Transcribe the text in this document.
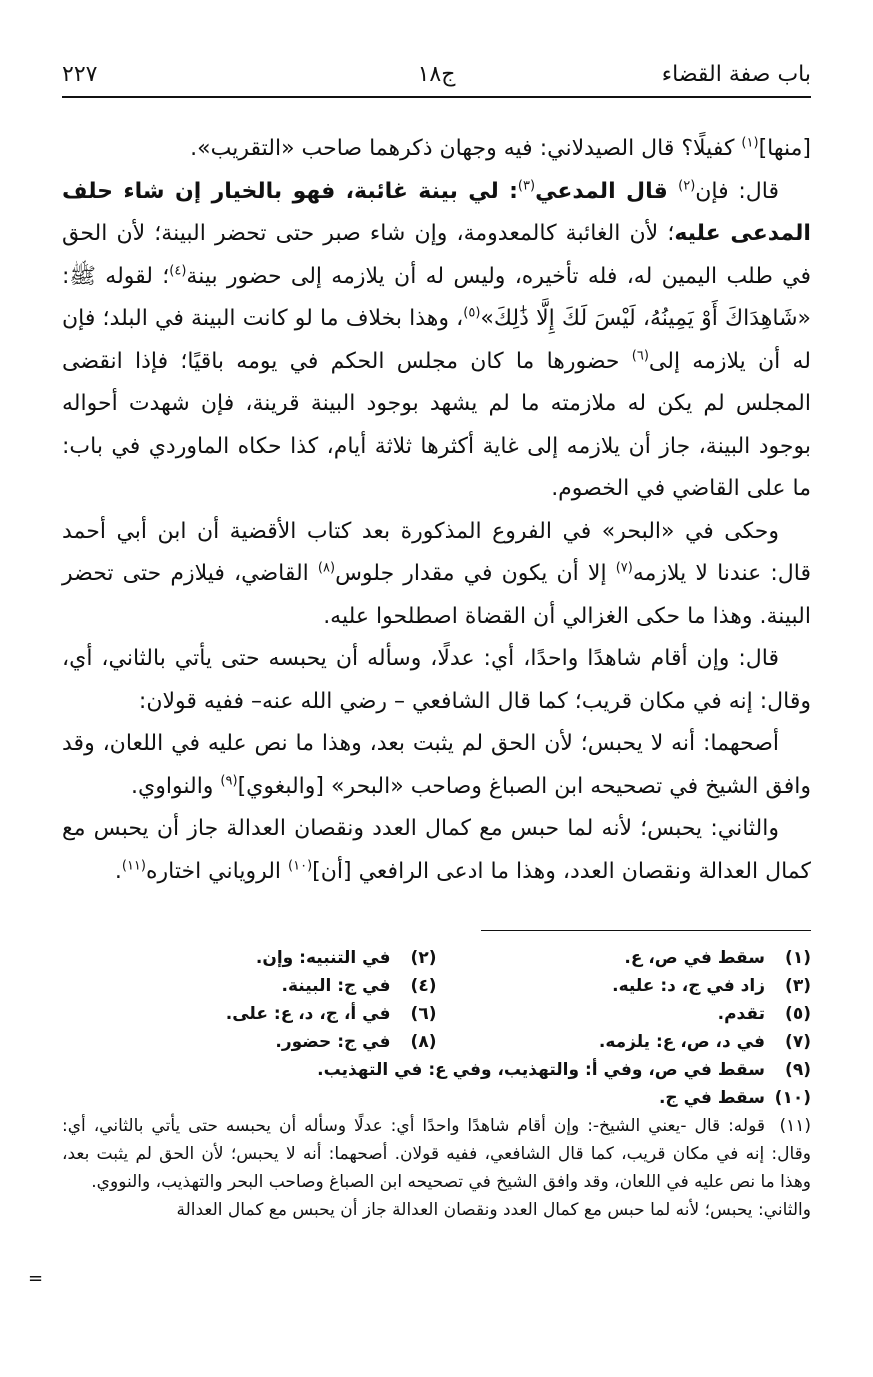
باب صفة القضاء
ج١٨
٢٢٧

[منها]$^{(١)}$ كفيلًا؟ قال الصيدلاني: فيه وجهان ذكرهما صاحب «التقريب».

قال: فإن$^{(٢)}$ قال المدعي$^{(٣)}$: لي بينة غائبة، فهو بالخيار إن شاء حلف المدعى عليه؛ لأن الغائبة كالمعدومة، وإن شاء صبر حتى تحضر البينة؛ لأن الحق في طلب اليمين له، فله تأخيره، وليس له أن يلازمه إلى حضور بينة$^{(٤)}$؛ لقوله ﷺ: «شَاهِدَاكَ أَوْ يَمِينُهُ، لَيْسَ لَكَ إِلَّا ذَٰلِكَ»$^{(٥)}$، وهذا بخلاف ما لو كانت البينة في البلد؛ فإن له أن يلازمه إلى$^{(٦)}$ حضورها ما كان مجلس الحكم في يومه باقيًا؛ فإذا انقضى المجلس لم يكن له ملازمته ما لم يشهد بوجود البينة قرينة، فإن شهدت أحواله بوجود البينة، جاز أن يلازمه إلى غاية أكثرها ثلاثة أيام، كذا حكاه الماوردي في باب: ما على القاضي في الخصوم.

وحكى في «البحر» في الفروع المذكورة بعد كتاب الأقضية أن ابن أبي أحمد قال: عندنا لا يلازمه$^{(٧)}$ إلا أن يكون في مقدار جلوس$^{(٨)}$ القاضي، فيلازم حتى تحضر البينة. وهذا ما حكى الغزالي أن القضاة اصطلحوا عليه.

قال: وإن أقام شاهدًا واحدًا، أي: عدلًا، وسأله أن يحبسه حتى يأتي بالثاني، أي، وقال: إنه في مكان قريب؛ كما قال الشافعي – رضي الله عنه– ففيه قولان:

أصحهما: أنه لا يحبس؛ لأن الحق لم يثبت بعد، وهذا ما نص عليه في اللعان، وقد وافق الشيخ في تصحيحه ابن الصباغ وصاحب «البحر» [والبغوي]$^{(٩)}$ والنواوي.

والثاني: يحبس؛ لأنه لما حبس مع كمال العدد ونقصان العدالة جاز أن يحبس مع كمال العدالة ونقصان العدد، وهذا ما ادعى الرافعي [أن]$^{(١٠)}$ الروياني اختاره$^{(١١)}$.

(١)سقط في ص، ع.
(٢)في التنبيه: وإن.
(٣)زاد في ج، د: عليه.
(٤)في ج: البينة.
(٥)تقدم.
(٦)في أ، ج، د، ع: على.
(٧)في د، ص، ع: يلزمه.
(٨)في ج: حضور.
(٩)سقط في ص، وفي أ: والتهذيب، وفي ع: في التهذيب.
(١٠)سقط في ج.

(١١)قوله: قال -يعني الشيخ-: وإن أقام شاهدًا واحدًا أي: عدلًا وسأله أن يحبسه حتى يأتي بالثاني، أي: وقال: إنه في مكان قريب، كما قال الشافعي، ففيه قولان. أصحهما: أنه لا يحبس؛ لأن الحق لم يثبت بعد، وهذا ما نص عليه في اللعان، وقد وافق الشيخ في تصحيحه ابن الصباغ وصاحب البحر والتهذيب، والنووي.

والثاني: يحبس؛ لأنه لما حبس مع كمال العدد ونقصان العدالة جاز أن يحبس مع كمال العدالة

=
